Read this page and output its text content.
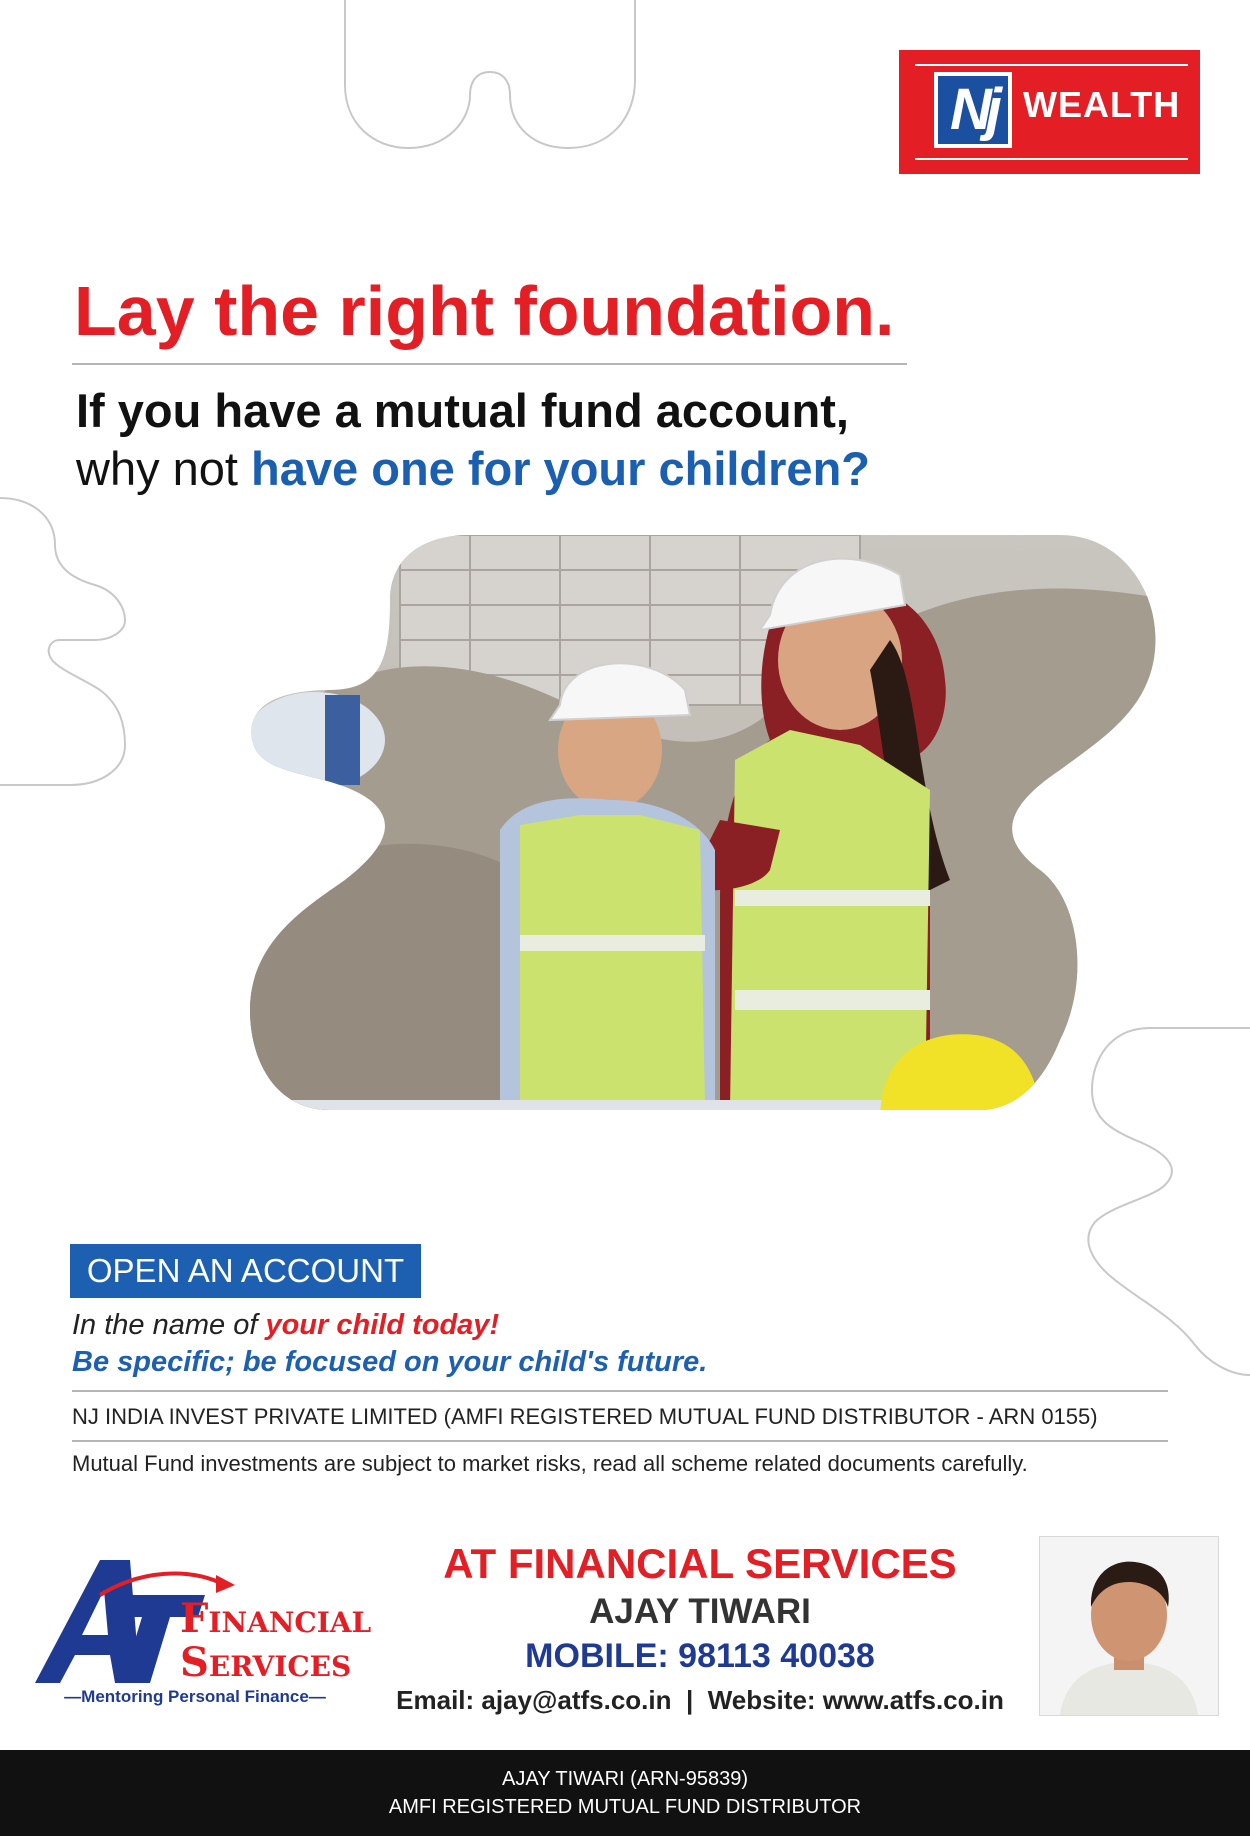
Nj WEALTH
Lay the right foundation.
If you have a mutual fund account,
why not have one for your children?
OPEN AN ACCOUNT
In the name of your child today!
Be specific; be focused on your child's future.
NJ INDIA INVEST PRIVATE LIMITED (AMFI REGISTERED MUTUAL FUND DISTRIBUTOR - ARN 0155)
Mutual Fund investments are subject to market risks, read all scheme related documents carefully.
Financial
Services
—Mentoring Personal Finance—
AT FINANCIAL SERVICES
AJAY TIWARI
MOBILE: 98113 40038
Email: ajay@atfs.co.in | Website: www.atfs.co.in
AJAY TIWARI (ARN-95839)
AMFI REGISTERED MUTUAL FUND DISTRIBUTOR
